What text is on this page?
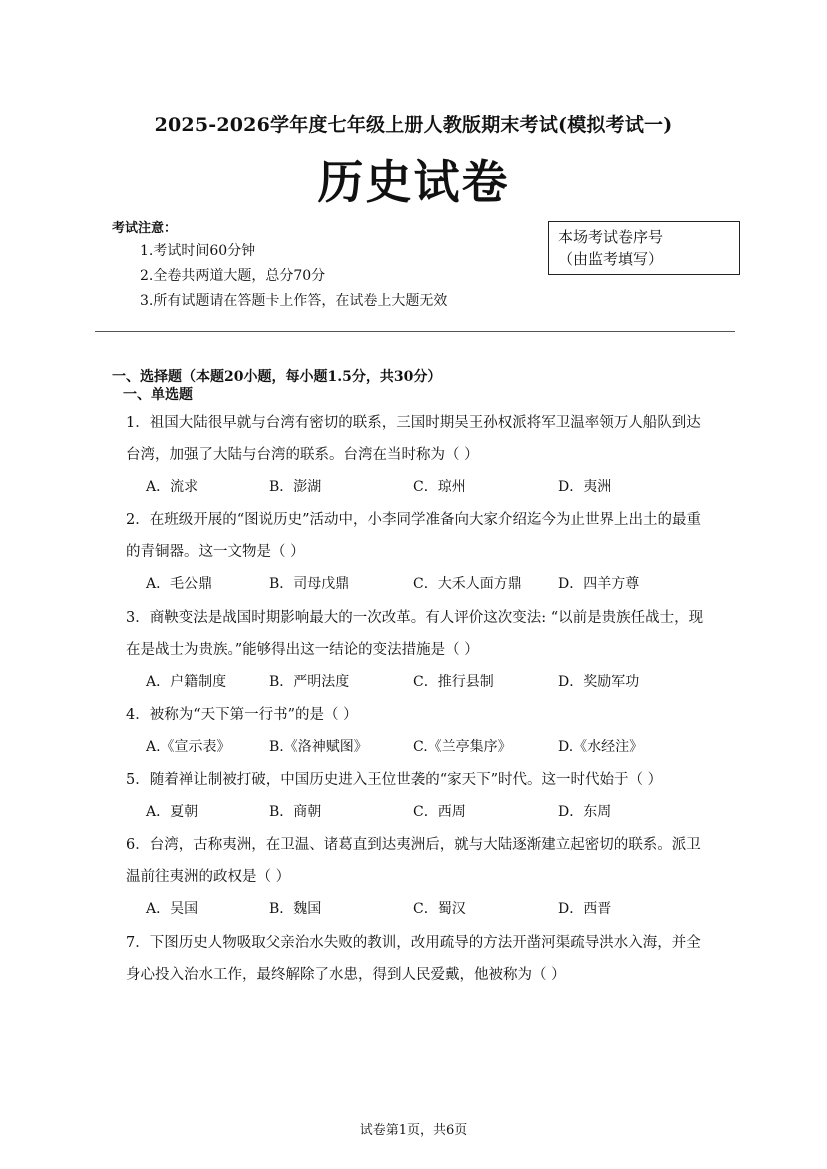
2025-2026学年度七年级上册人教版期末考试(模拟考试一)
历史试卷
考试注意：
1.考试时间60分钟
2.全卷共两道大题，总分70分
3.所有试题请在答题卡上作答，在试卷上大题无效
本场考试卷序号
（由监考填写）
一、选择题（本题20小题，每小题1.5分，共30分）
一、单选题
1．祖国大陆很早就与台湾有密切的联系，三国时期吴王孙权派将军卫温率领万人船队到达
台湾，加强了大陆与台湾的联系。台湾在当时称为（ ）
A．流求	B．澎湖	C．琼州	D．夷洲
2．在班级开展的“图说历史”活动中，小李同学准备向大家介绍迄今为止世界上出土的最重
的青铜器。这一文物是（ ）
A．毛公鼎	B．司母戊鼎	C．大禾人面方鼎	D．四羊方尊
3．商鞅变法是战国时期影响最大的一次改革。有人评价这次变法: “以前是贵族任战士，现
在是战士为贵族。”能够得出这一结论的变法措施是（ ）
A．户籍制度	B．严明法度	C．推行县制	D．奖励军功
4．被称为“天下第一行书”的是（ ）
A.《宣示表》	B.《洛神赋图》	C.《兰亭集序》	D.《水经注》
5．随着禅让制被打破，中国历史进入王位世袭的“家天下”时代。这一时代始于（ ）
A．夏朝	B．商朝	C．西周	D．东周
6．台湾，古称夷洲，在卫温、诸葛直到达夷洲后，就与大陆逐渐建立起密切的联系。派卫
温前往夷洲的政权是（ ）
A．吴国	B．魏国	C．蜀汉	D．西晋
7．下图历史人物吸取父亲治水失败的教训，改用疏导的方法开凿河渠疏导洪水入海，并全
身心投入治水工作，最终解除了水患，得到人民爱戴，他被称为（ ）
试卷第1页，共6页
